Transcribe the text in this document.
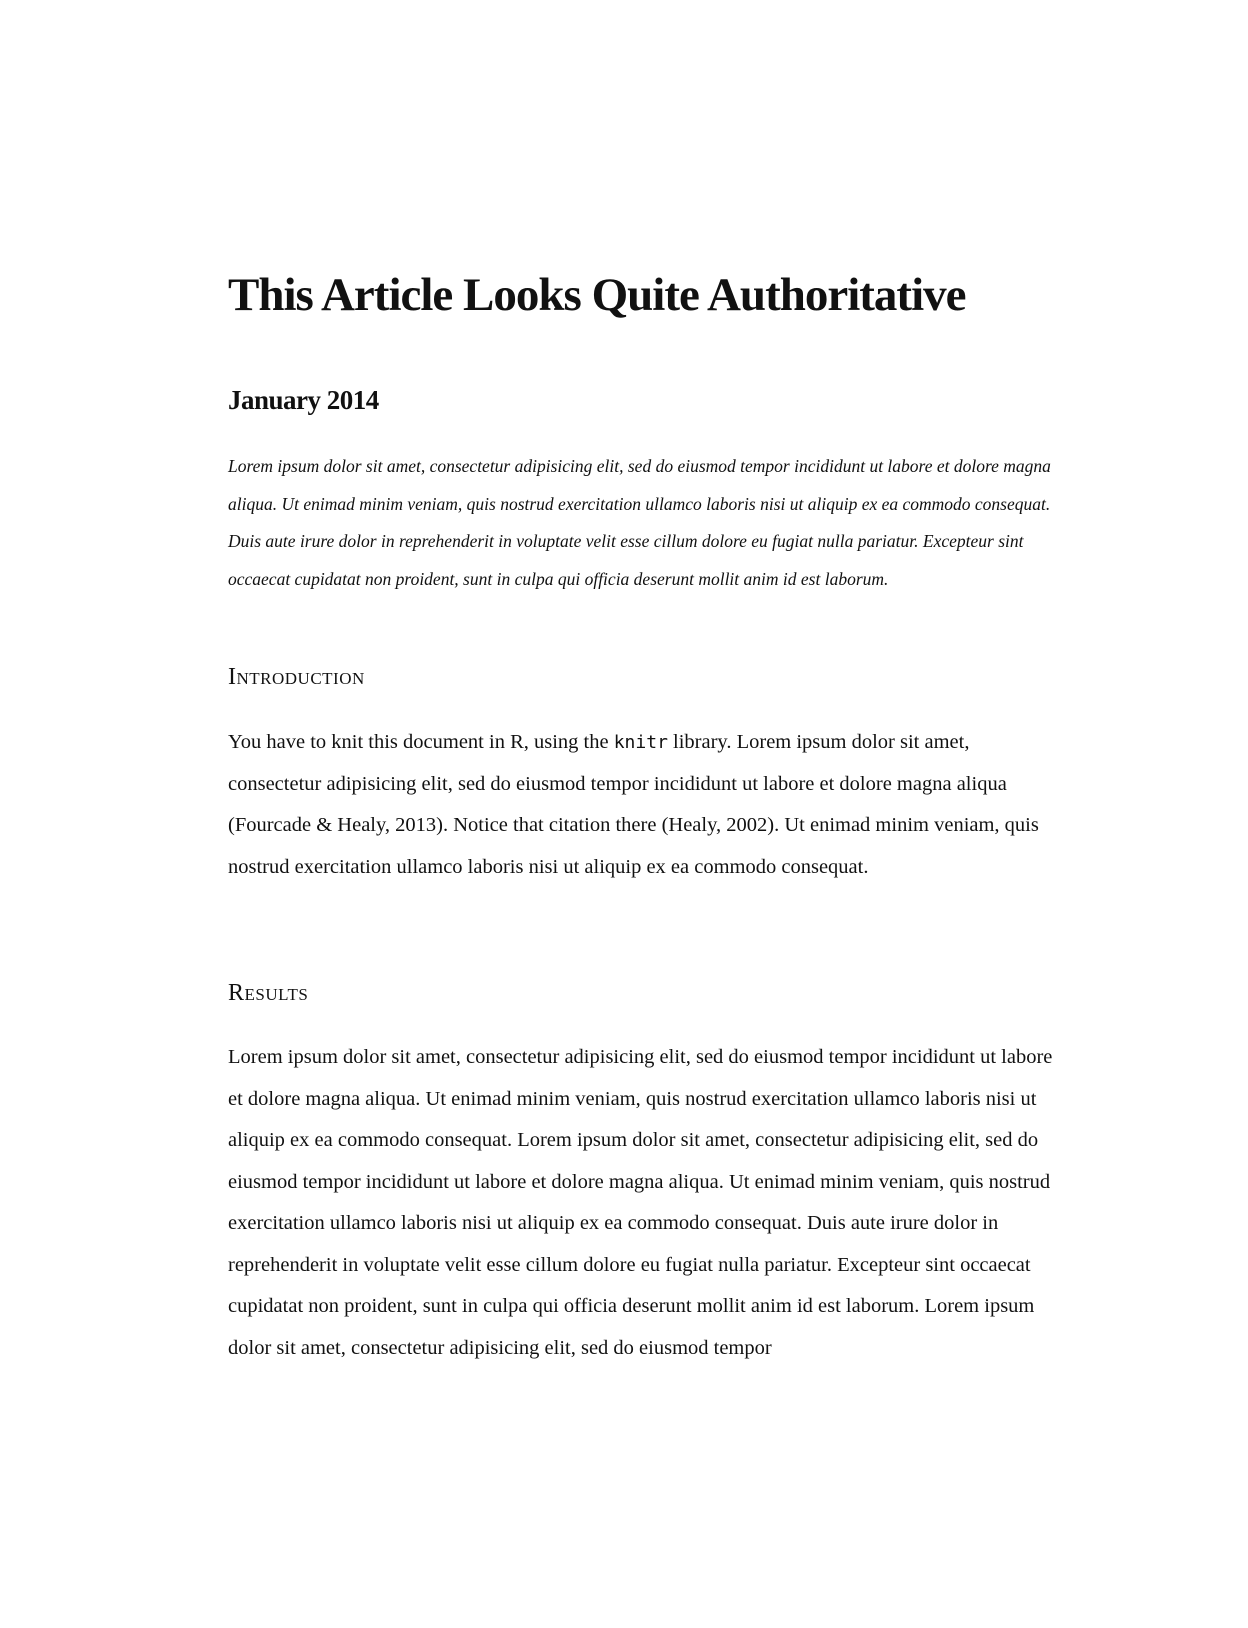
This Article Looks Quite Authoritative

January 2014

Lorem ipsum dolor sit amet, consectetur adipisicing elit, sed do eiusmod tempor incididunt ut labore et dolore magna aliqua. Ut enimad minim veniam, quis nostrud exercitation ullamco laboris nisi ut aliquip ex ea commodo consequat. Duis aute irure dolor in reprehenderit in voluptate velit esse cillum dolore eu fugiat nulla pariatur. Excepteur sint occaecat cupidatat non proident, sunt in culpa qui officia deserunt mollit anim id est laborum.

Introduction

You have to knit this document in R, using the knitr library. Lorem ipsum dolor sit amet, consectetur adipisicing elit, sed do eiusmod tempor incididunt ut labore et dolore magna aliqua (Fourcade & Healy, 2013). Notice that citation there (Healy, 2002). Ut enimad minim veniam, quis nostrud exercitation ullamco laboris nisi ut aliquip ex ea commodo consequat.

Results

Lorem ipsum dolor sit amet, consectetur adipisicing elit, sed do eiusmod tempor incididunt ut labore et dolore magna aliqua. Ut enimad minim veniam, quis nostrud exercitation ullamco laboris nisi ut aliquip ex ea commodo consequat. Lorem ipsum dolor sit amet, consectetur adipisicing elit, sed do eiusmod tempor incididunt ut labore et dolore magna aliqua. Ut enimad minim veniam, quis nostrud exercitation ullamco laboris nisi ut aliquip ex ea commodo consequat. Duis aute irure dolor in reprehenderit in voluptate velit esse cillum dolore eu fugiat nulla pariatur. Excepteur sint occaecat cupidatat non proident, sunt in culpa qui officia deserunt mollit anim id est laborum. Lorem ipsum dolor sit amet, consectetur adipisicing elit, sed do eiusmod tempor
